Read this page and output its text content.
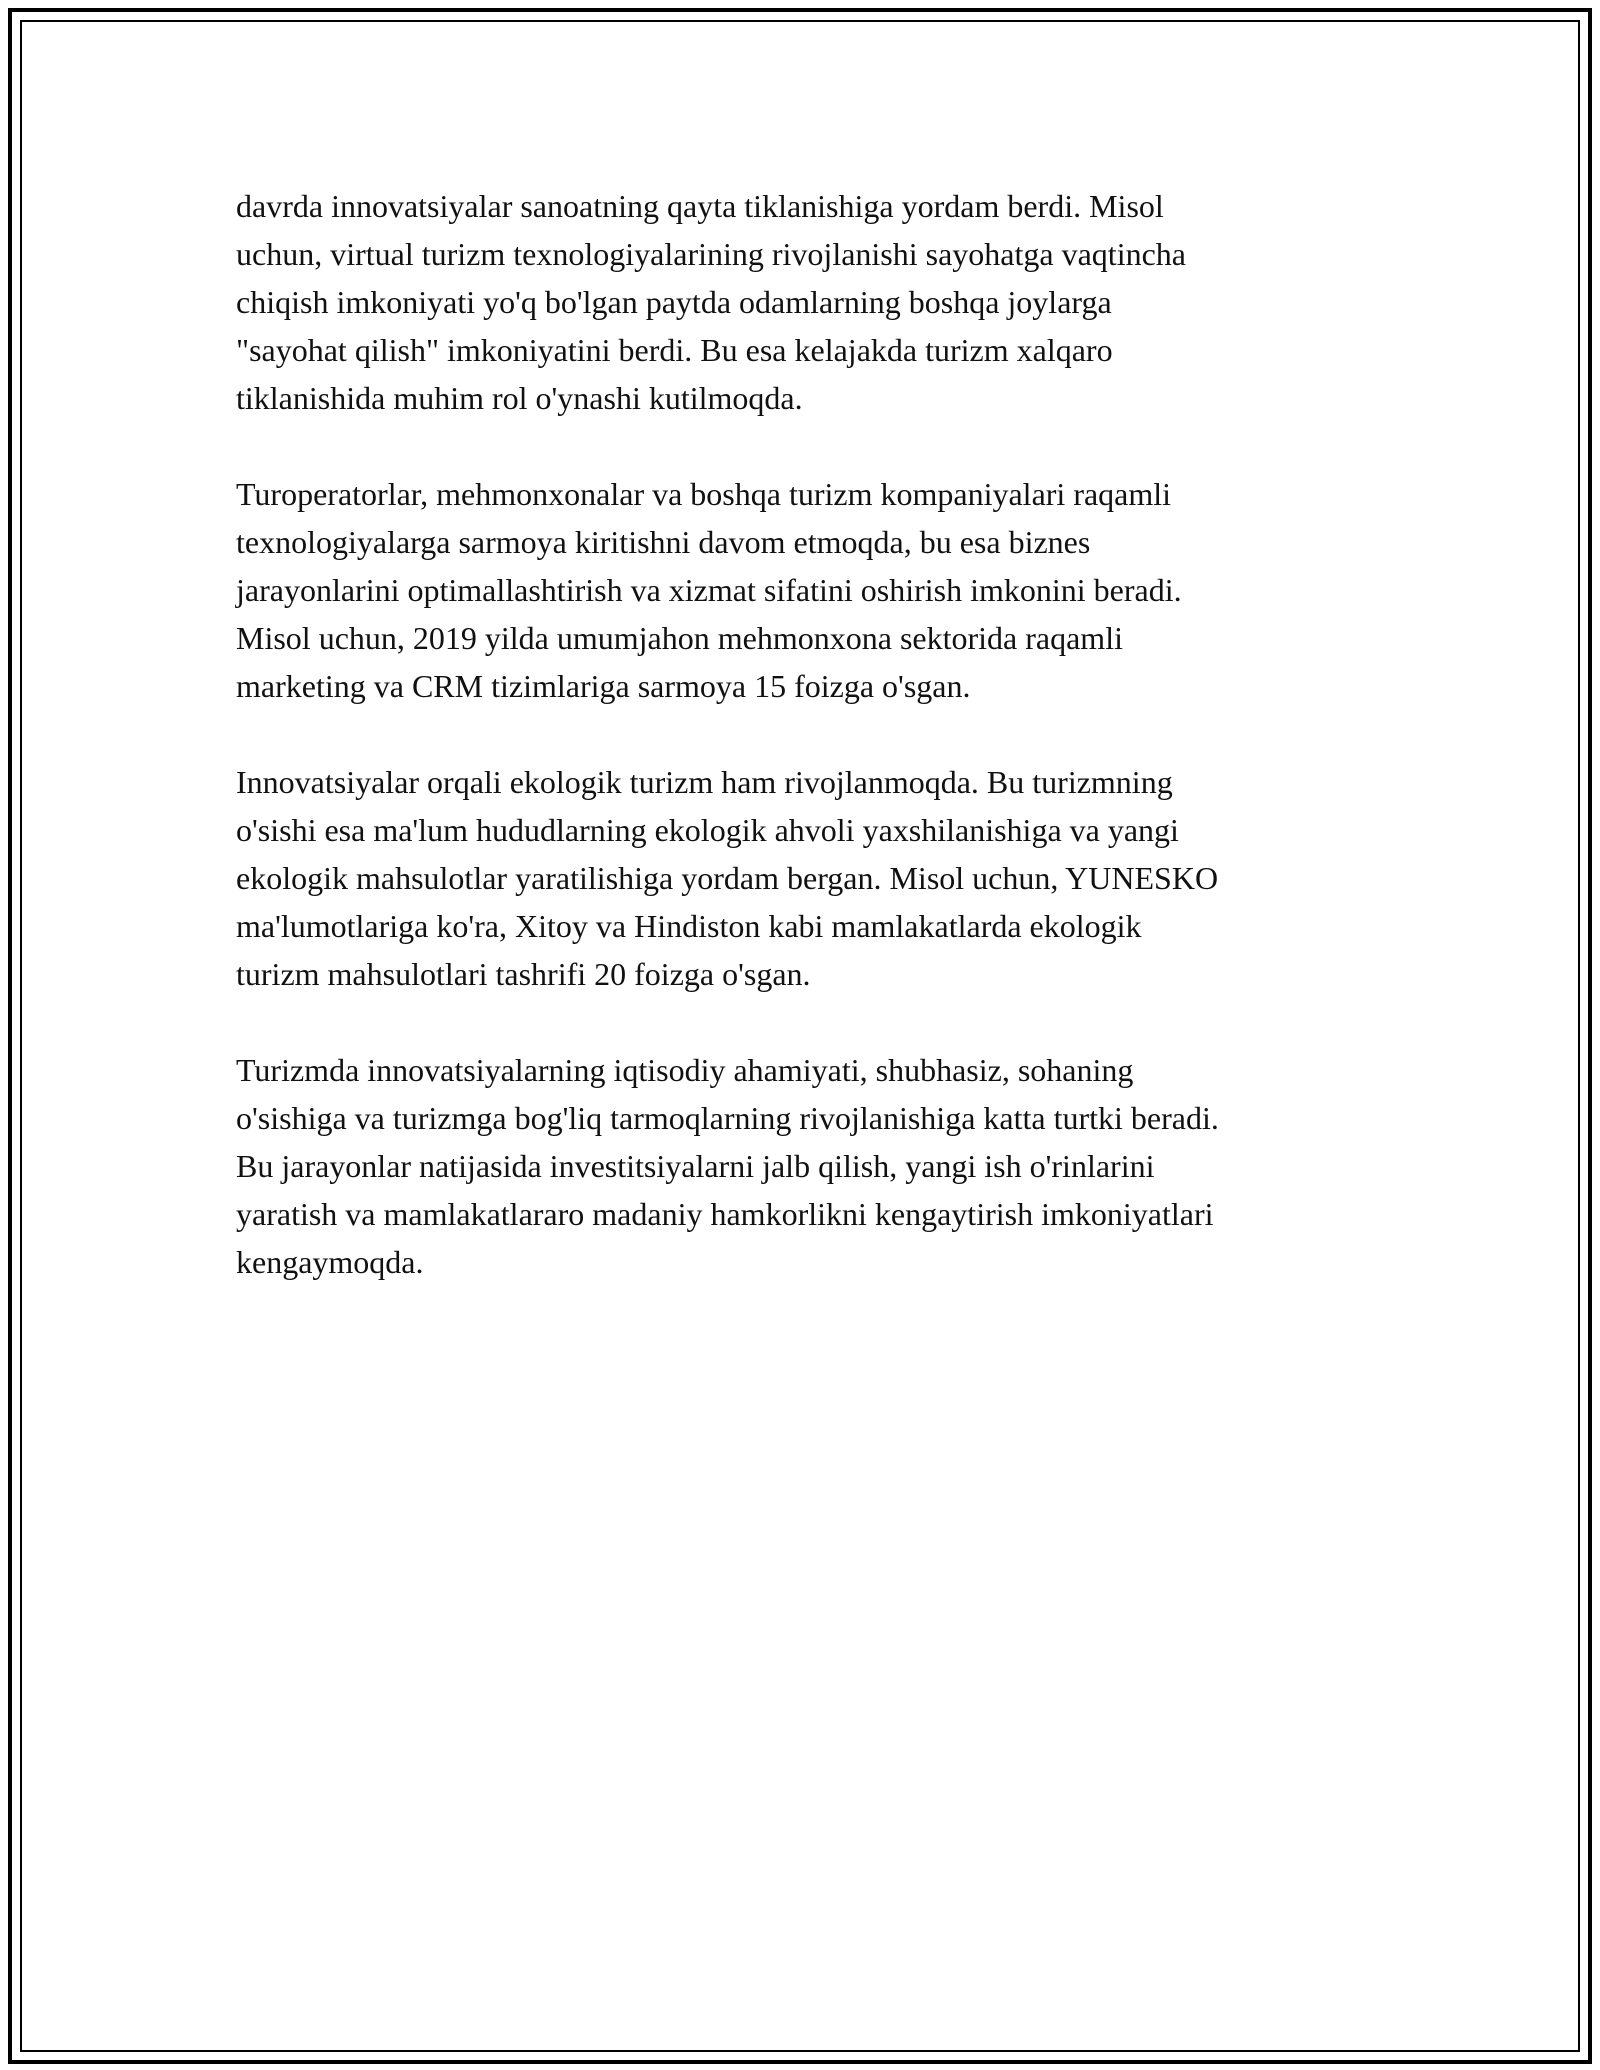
davrda innovatsiyalar sanoatning qayta tiklanishiga yordam berdi. Misol
uchun, virtual turizm texnologiyalarining rivojlanishi sayohatga vaqtincha
chiqish imkoniyati yo'q bo'lgan paytda odamlarning boshqa joylarga
"sayohat qilish" imkoniyatini berdi. Bu esa kelajakda turizm xalqaro
tiklanishida muhim rol o'ynashi kutilmoqda.

Turoperatorlar, mehmonxonalar va boshqa turizm kompaniyalari raqamli
texnologiyalarga sarmoya kiritishni davom etmoqda, bu esa biznes
jarayonlarini optimallashtirish va xizmat sifatini oshirish imkonini beradi.
Misol uchun, 2019 yilda umumjahon mehmonxona sektorida raqamli
marketing va CRM tizimlariga sarmoya 15 foizga o'sgan.

Innovatsiyalar orqali ekologik turizm ham rivojlanmoqda. Bu turizmning
o'sishi esa ma'lum hududlarning ekologik ahvoli yaxshilanishiga va yangi
ekologik mahsulotlar yaratilishiga yordam bergan. Misol uchun, YUNESKO
ma'lumotlariga ko'ra, Xitoy va Hindiston kabi mamlakatlarda ekologik
turizm mahsulotlari tashrifi 20 foizga o'sgan.

Turizmda innovatsiyalarning iqtisodiy ahamiyati, shubhasiz, sohaning
o'sishiga va turizmga bog'liq tarmoqlarning rivojlanishiga katta turtki beradi.
Bu jarayonlar natijasida investitsiyalarni jalb qilish, yangi ish o'rinlarini
yaratish va mamlakatlararo madaniy hamkorlikni kengaytirish imkoniyatlari
kengaymoqda.
